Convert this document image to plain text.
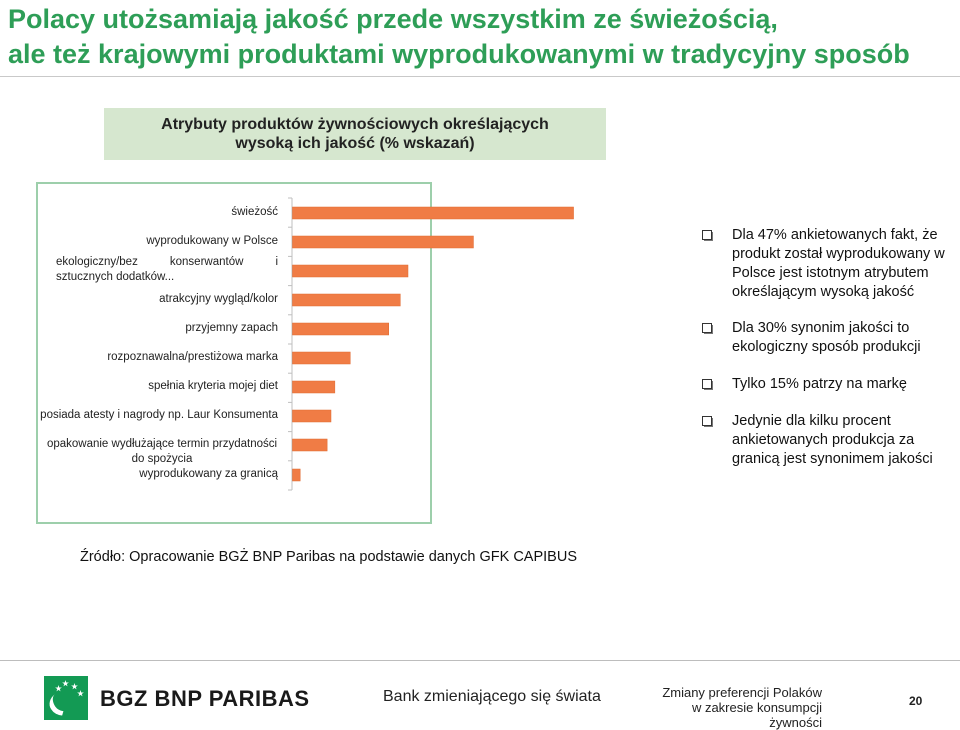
Polacy utożsamiają jakość przede wszystkim ze świeżością,
ale też krajowymi produktami wyprodukowanymi w tradycyjny sposób
Atrybuty produktów żywnościowych określających
wysoką ich jakość (% wskazań)
świeżość
wyprodukowany w Polsce
ekologiczny/bez konserwantów i sztucznych dodatków...
atrakcyjny wygląd/kolor
przyjemny zapach
rozpoznawalna/prestiżowa marka
spełnia kryteria mojej diet
posiada atesty i nagrody np. Laur Konsumenta
opakowanie wydłużające termin przydatności do spożycia
wyprodukowany za granicą
Dla 47% ankietowanych fakt, że produkt został wyprodukowany w Polsce jest istotnym atrybutem określającym wysoką jakość
Dla 30% synonim jakości to ekologiczny sposób produkcji
Tylko 15% patrzy na markę
Jedynie dla kilku procent ankietowanych produkcja za granicą jest synonimem jakości
Źródło: Opracowanie BGŻ BNP Paribas na podstawie danych GFK CAPIBUS
BGZ BNP PARIBAS	Bank zmieniającego się świata	Zmiany preferencji Polaków
w zakresie konsumpcji żywności
20
